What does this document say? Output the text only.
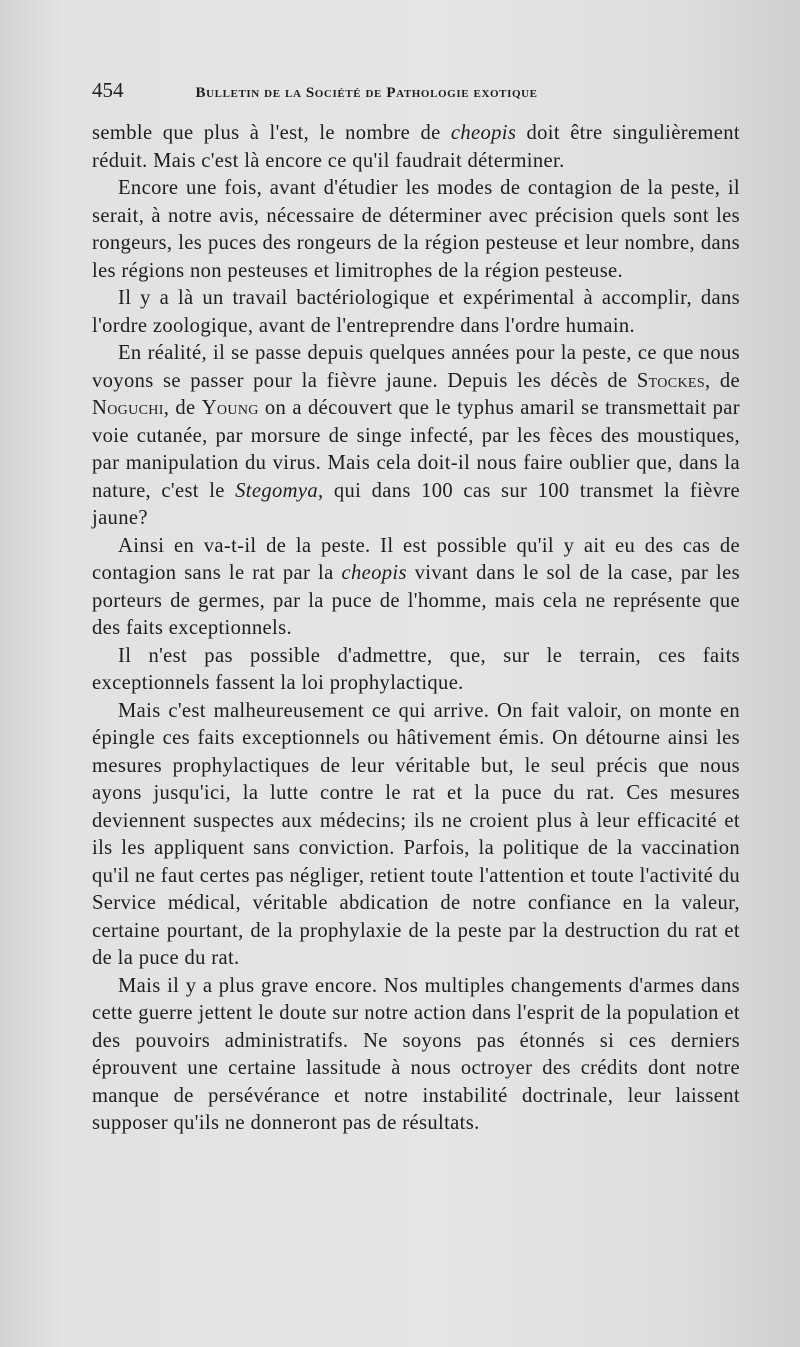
454	Bulletin de la Société de Pathologie exotique

semble que plus à l'est, le nombre de cheopis doit être singulièrement réduit. Mais c'est là encore ce qu'il faudrait déterminer.

Encore une fois, avant d'étudier les modes de contagion de la peste, il serait, à notre avis, nécessaire de déterminer avec précision quels sont les rongeurs, les puces des rongeurs de la région pesteuse et leur nombre, dans les régions non pesteuses et limitrophes de la région pesteuse.

Il y a là un travail bactériologique et expérimental à accomplir, dans l'ordre zoologique, avant de l'entreprendre dans l'ordre humain.

En réalité, il se passe depuis quelques années pour la peste, ce que nous voyons se passer pour la fièvre jaune. Depuis les décès de Stockes, de Noguchi, de Young on a découvert que le typhus amaril se transmettait par voie cutanée, par morsure de singe infecté, par les fèces des moustiques, par manipulation du virus. Mais cela doit-il nous faire oublier que, dans la nature, c'est le Stegomya, qui dans 100 cas sur 100 transmet la fièvre jaune?

Ainsi en va-t-il de la peste. Il est possible qu'il y ait eu des cas de contagion sans le rat par la cheopis vivant dans le sol de la case, par les porteurs de germes, par la puce de l'homme, mais cela ne représente que des faits exceptionnels.

Il n'est pas possible d'admettre, que, sur le terrain, ces faits exceptionnels fassent la loi prophylactique.

Mais c'est malheureusement ce qui arrive. On fait valoir, on monte en épingle ces faits exceptionnels ou hâtivement émis. On détourne ainsi les mesures prophylactiques de leur véritable but, le seul précis que nous ayons jusqu'ici, la lutte contre le rat et la puce du rat. Ces mesures deviennent suspectes aux médecins; ils ne croient plus à leur efficacité et ils les appliquent sans conviction. Parfois, la politique de la vaccination qu'il ne faut certes pas négliger, retient toute l'attention et toute l'activité du Service médical, véritable abdication de notre confiance en la valeur, certaine pourtant, de la prophylaxie de la peste par la destruction du rat et de la puce du rat.

Mais il y a plus grave encore. Nos multiples changements d'armes dans cette guerre jettent le doute sur notre action dans l'esprit de la population et des pouvoirs administratifs. Ne soyons pas étonnés si ces derniers éprouvent une certaine lassitude à nous octroyer des crédits dont notre manque de persévérance et notre instabilité doctrinale, leur laissent supposer qu'ils ne donneront pas de résultats.
